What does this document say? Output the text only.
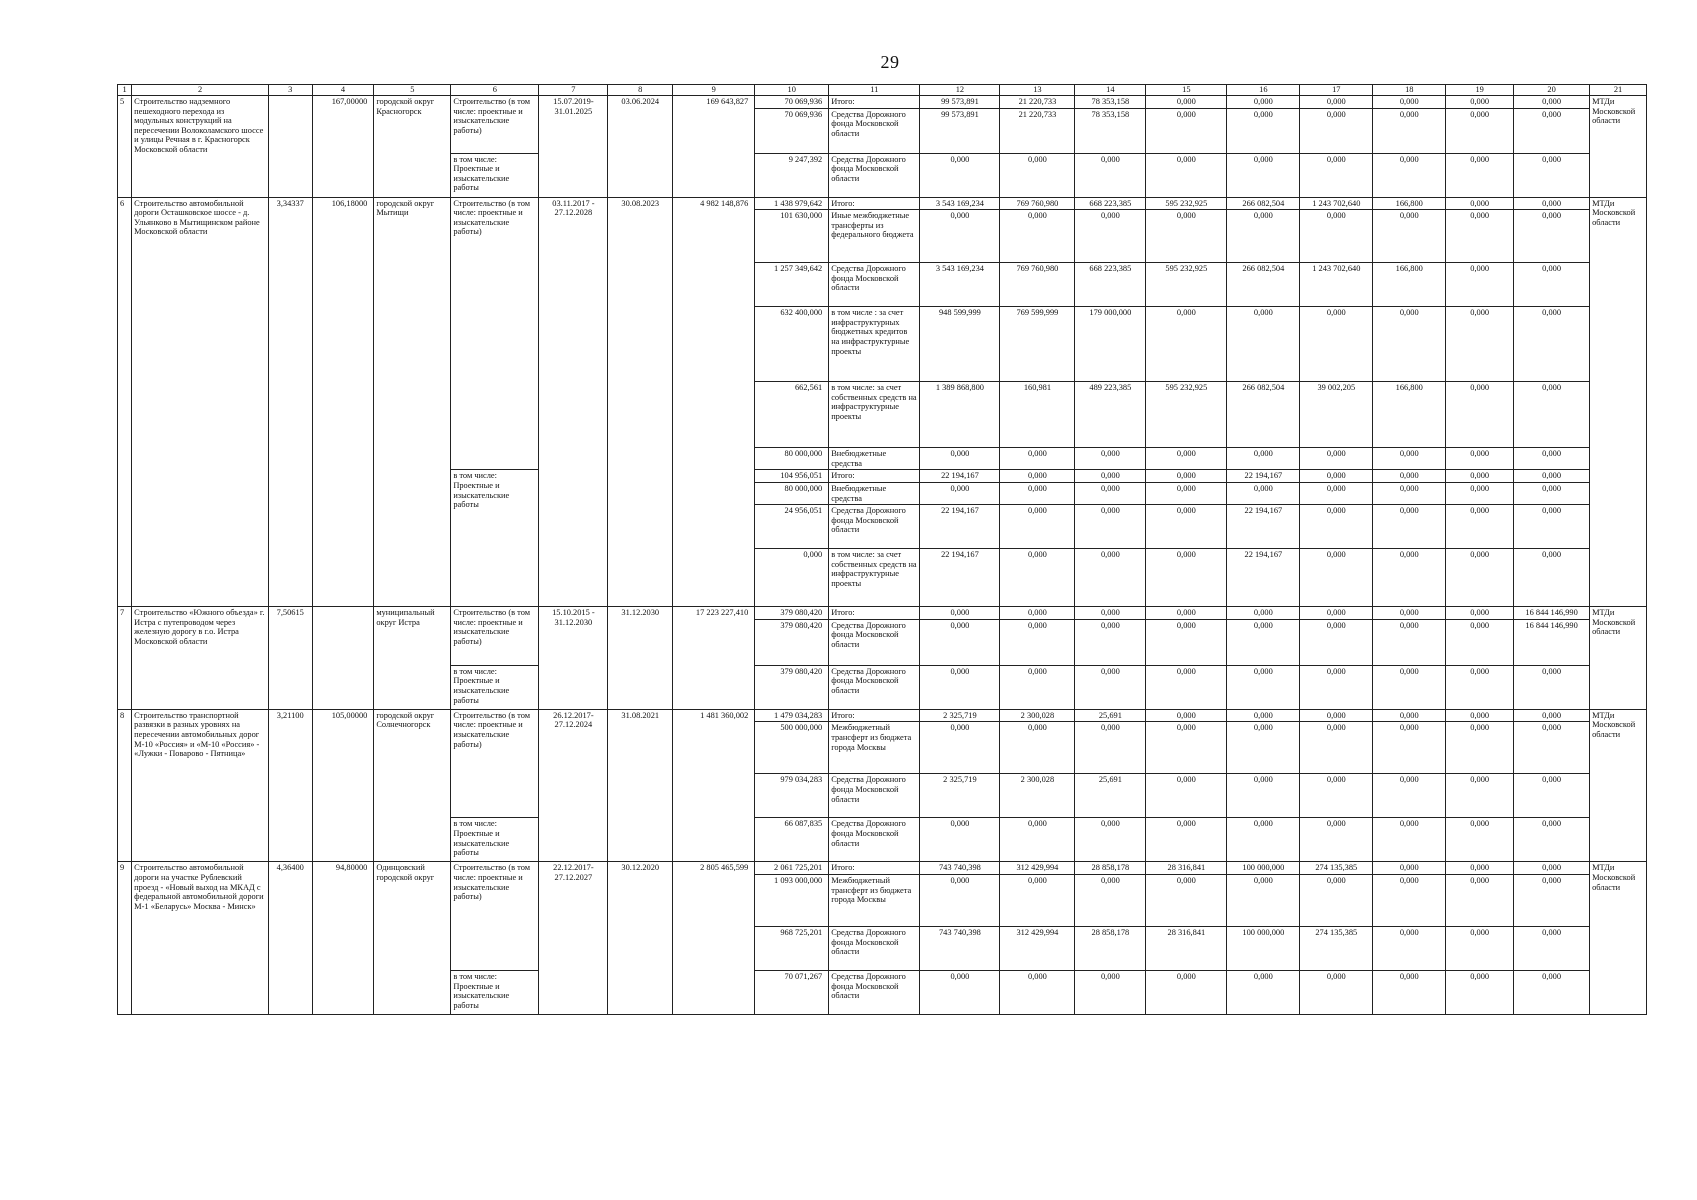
29
1	2	3	4	5	6	7	8	9	10	11	12	13	14	15	16	17	18	19	20	21
5	Строительство надземного пешеходного перехода из модульных конструкций на пересечении Волоколамского шоссе и улицы Речная в г. Красногорск Московской области		167,00000	городской округ Красногорск	Строительство (в том числе: проектные и изыскательские работы)	15.07.2019-31.01.2025	03.06.2024	169 643,827	70 069,936	Итого:	99 573,891	21 220,733	78 353,158	0,000	0,000	0,000	0,000	0,000	0,000	МТДи Московской области
									70 069,936	Средства Дорожного фонда Московской области	99 573,891	21 220,733	78 353,158	0,000	0,000	0,000	0,000	0,000	0,000	
					в том числе: Проектные и изыскательские работы				9 247,392	Средства Дорожного фонда Московской области	0,000	0,000	0,000	0,000	0,000	0,000	0,000	0,000	0,000	
6	Строительство автомобильной дороги Осташковское шоссе - д. Ульянково в Мытищинском районе Московской области	3,34337	106,18000	городской округ Мытищи	Строительство (в том числе: проектные и изыскательские работы)	03.11.2017 - 27.12.2028	30.08.2023	4 982 148,876	1 438 979,642	Итого:	3 543 169,234	769 760,980	668 223,385	595 232,925	266 082,504	1 243 702,640	166,800	0,000	0,000	МТДи Московской области
									101 630,000	Иные межбюджетные трансферты из федерального бюджета	0,000	0,000	0,000	0,000	0,000	0,000	0,000	0,000	0,000	
									1 257 349,642	Средства Дорожного фонда Московской области	3 543 169,234	769 760,980	668 223,385	595 232,925	266 082,504	1 243 702,640	166,800	0,000	0,000	
									632 400,000	в том числе : за счет инфраструктурных бюджетных кредитов на инфраструктурные проекты	948 599,999	769 599,999	179 000,000	0,000	0,000	0,000	0,000	0,000	0,000	
									662,561	в том числе: за счет собственных средств на инфраструктурные проекты	1 389 868,800	160,981	489 223,385	595 232,925	266 082,504	39 002,205	166,800	0,000	0,000	
									80 000,000	Внебюджетные средства	0,000	0,000	0,000	0,000	0,000	0,000	0,000	0,000	0,000	
					в том числе: Проектные и изыскательские работы				104 956,051	Итого:	22 194,167	0,000	0,000	0,000	22 194,167	0,000	0,000	0,000	0,000	
									80 000,000	Внебюджетные средства	0,000	0,000	0,000	0,000	0,000	0,000	0,000	0,000	0,000	
									24 956,051	Средства Дорожного фонда Московской области	22 194,167	0,000	0,000	0,000	22 194,167	0,000	0,000	0,000	0,000	
									0,000	в том числе: за счет собственных средств на инфраструктурные проекты	22 194,167	0,000	0,000	0,000	22 194,167	0,000	0,000	0,000	0,000	
7	Строительство «Южного объезда» г. Истра с путепроводом через железную дорогу в г.о. Истра Московской области	7,50615		муниципальный округ Истра	Строительство (в том числе: проектные и изыскательские работы)	15.10.2015 - 31.12.2030	31.12.2030	17 223 227,410	379 080,420	Итого:	0,000	0,000	0,000	0,000	0,000	0,000	0,000	0,000	16 844 146,990	МТДи Московской области
									379 080,420	Средства Дорожного фонда Московской области	0,000	0,000	0,000	0,000	0,000	0,000	0,000	0,000	16 844 146,990	
					в том числе: Проектные и изыскательские работы				379 080,420	Средства Дорожного фонда Московской области	0,000	0,000	0,000	0,000	0,000	0,000	0,000	0,000	0,000	
8	Строительство транспортной развязки в разных уровнях на пересечении автомобильных дорог М-10 «Россия» и «М-10 «Россия» - «Лужки - Поварово - Пятница»	3,21100	105,00000	городской округ Солнечногорск	Строительство (в том числе: проектные и изыскательские работы)	26.12.2017-27.12.2024	31.08.2021	1 481 360,002	1 479 034,283	Итого:	2 325,719	2 300,028	25,691	0,000	0,000	0,000	0,000	0,000	0,000	МТДи Московской области
									500 000,000	Межбюджетный трансферт из бюджета города Москвы	0,000	0,000	0,000	0,000	0,000	0,000	0,000	0,000	0,000	
									979 034,283	Средства Дорожного фонда Московской области	2 325,719	2 300,028	25,691	0,000	0,000	0,000	0,000	0,000	0,000	
					в том числе: Проектные и изыскательские работы				66 087,835	Средства Дорожного фонда Московской области	0,000	0,000	0,000	0,000	0,000	0,000	0,000	0,000	0,000	
9	Строительство автомобильной дороги на участке Рублевский проезд - «Новый выход на МКАД с федеральной автомобильной дороги М-1 «Беларусь» Москва - Минск»	4,36400	94,80000	Одинцовский городской округ	Строительство (в том числе: проектные и изыскательские работы)	22.12.2017-27.12.2027	30.12.2020	2 805 465,599	2 061 725,201	Итого:	743 740,398	312 429,994	28 858,178	28 316,841	100 000,000	274 135,385	0,000	0,000	0,000	МТДи Московской области
									1 093 000,000	Межбюджетный трансферт из бюджета города Москвы	0,000	0,000	0,000	0,000	0,000	0,000	0,000	0,000	0,000	
									968 725,201	Средства Дорожного фонда Московской области	743 740,398	312 429,994	28 858,178	28 316,841	100 000,000	274 135,385	0,000	0,000	0,000	
					в том числе: Проектные и изыскательские работы				70 071,267	Средства Дорожного фонда Московской области	0,000	0,000	0,000	0,000	0,000	0,000	0,000	0,000	0,000	
